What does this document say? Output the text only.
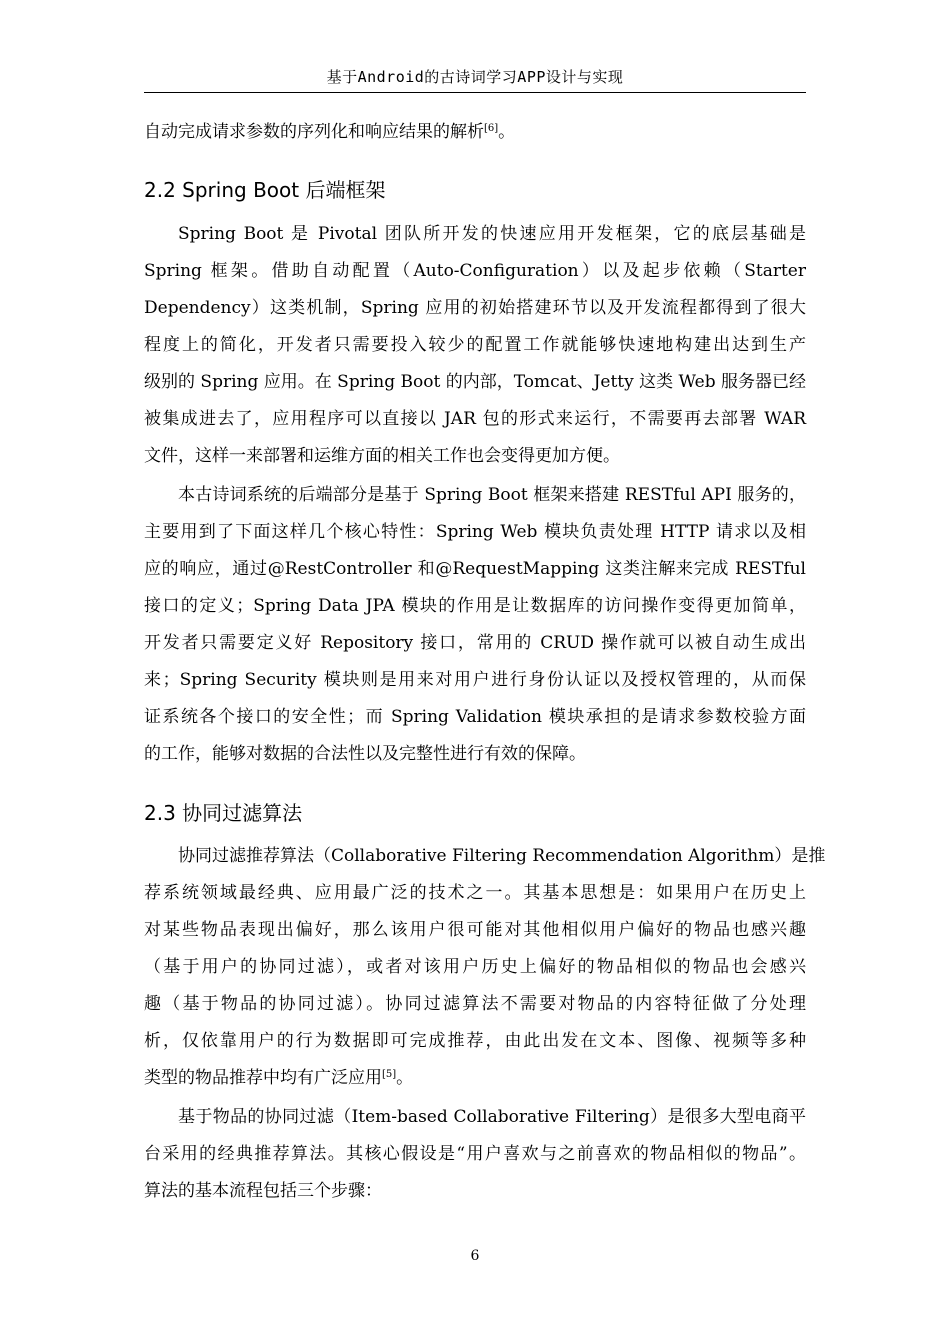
基于Android的古诗词学习APP设计与实现
自动完成请求参数的序列化和响应结果的解析[6]。
2.2 Spring Boot 后端框架
Spring Boot 是 Pivotal 团队所开发的快速应用开发框架，它的底层基础是
Spring 框架。借助自动配置（Auto-Configuration）以及起步依赖（Starter
Dependency）这类机制，Spring 应用的初始搭建环节以及开发流程都得到了很大
程度上的简化，开发者只需要投入较少的配置工作就能够快速地构建出达到生产
级别的 Spring 应用。在 Spring Boot 的内部，Tomcat、Jetty 这类 Web 服务器已经
被集成进去了，应用程序可以直接以 JAR 包的形式来运行，不需要再去部署 WAR
文件，这样一来部署和运维方面的相关工作也会变得更加方便。
本古诗词系统的后端部分是基于 Spring Boot 框架来搭建 RESTful API 服务的，
主要用到了下面这样几个核心特性：Spring Web 模块负责处理 HTTP 请求以及相
应的响应，通过@RestController 和@RequestMapping 这类注解来完成 RESTful
接口的定义；Spring Data JPA 模块的作用是让数据库的访问操作变得更加简单，
开发者只需要定义好 Repository 接口，常用的 CRUD 操作就可以被自动生成出
来；Spring Security 模块则是用来对用户进行身份认证以及授权管理的，从而保
证系统各个接口的安全性；而 Spring Validation 模块承担的是请求参数校验方面
的工作，能够对数据的合法性以及完整性进行有效的保障。
2.3 协同过滤算法
协同过滤推荐算法（Collaborative Filtering Recommendation Algorithm）是推
荐系统领域最经典、应用最广泛的技术之一。其基本思想是：如果用户在历史上
对某些物品表现出偏好，那么该用户很可能对其他相似用户偏好的物品也感兴趣
（基于用户的协同过滤），或者对该用户历史上偏好的物品相似的物品也会感兴
趣（基于物品的协同过滤）。协同过滤算法不需要对物品的内容特征做了分处理
析，仅依靠用户的行为数据即可完成推荐，由此出发在文本、图像、视频等多种
类型的物品推荐中均有广泛应用[5]。
基于物品的协同过滤（Item-based Collaborative Filtering）是很多大型电商平
台采用的经典推荐算法。其核心假设是“用户喜欢与之前喜欢的物品相似的物品”。
算法的基本流程包括三个步骤：
6
